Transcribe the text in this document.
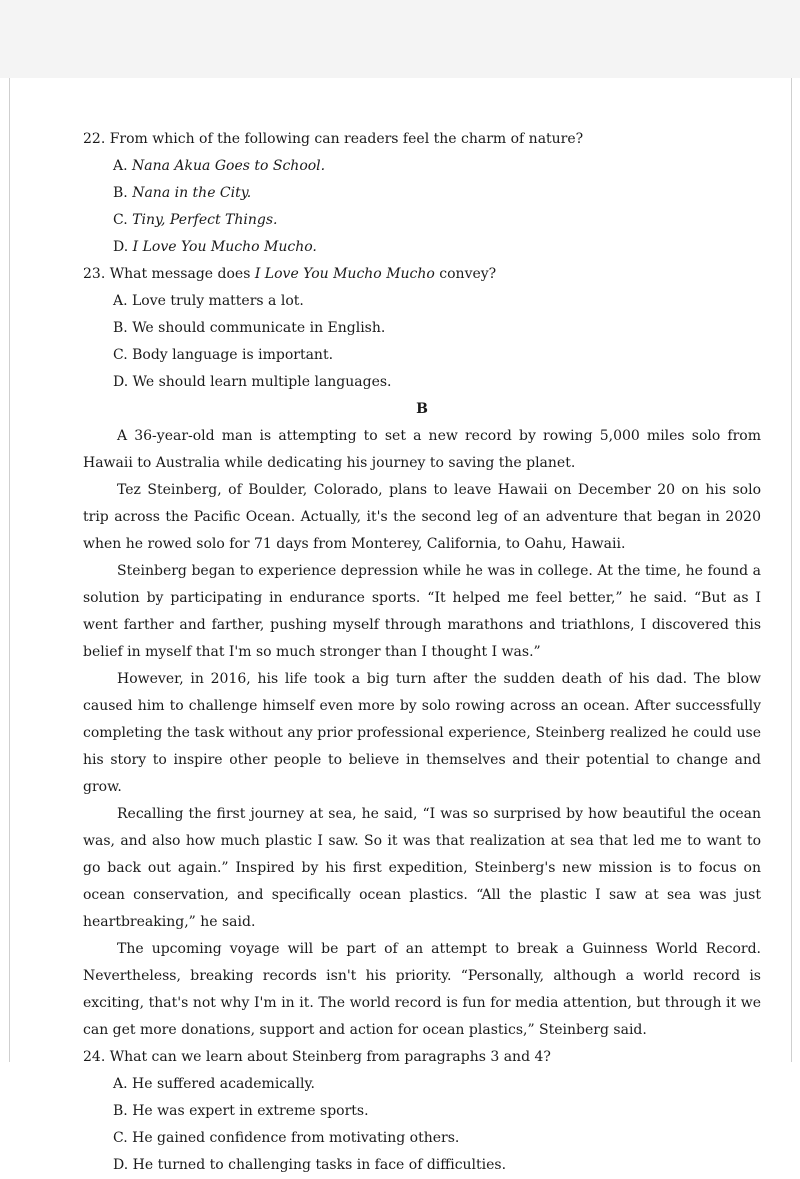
22. From which of the following can readers feel the charm of nature?

A. Nana Akua Goes to School.

B. Nana in the City.

C. Tiny, Perfect Things.

D. I Love You Mucho Mucho.

23. What message does I Love You Mucho Mucho convey?

A. Love truly matters a lot.

B. We should communicate in English.

C. Body language is important.

D. We should learn multiple languages.

B

A 36-year-old man is attempting to set a new record by rowing 5,000 miles solo from Hawaii to Australia while dedicating his journey to saving the planet.

Tez Steinberg, of Boulder, Colorado, plans to leave Hawaii on December 20 on his solo trip across the Pacific Ocean. Actually, it's the second leg of an adventure that began in 2020 when he rowed solo for 71 days from Monterey, California, to Oahu, Hawaii.

Steinberg began to experience depression while he was in college. At the time, he found a solution by participating in endurance sports. “It helped me feel better,” he said. “But as I went farther and farther, pushing myself through marathons and triathlons, I discovered this belief in myself that I'm so much stronger than I thought I was.”

However, in 2016, his life took a big turn after the sudden death of his dad. The blow caused him to challenge himself even more by solo rowing across an ocean. After successfully completing the task without any prior professional experience, Steinberg realized he could use his story to inspire other people to believe in themselves and their potential to change and grow.

Recalling the first journey at sea, he said, “I was so surprised by how beautiful the ocean was, and also how much plastic I saw. So it was that realization at sea that led me to want to go back out again.” Inspired by his first expedition, Steinberg's new mission is to focus on ocean conservation, and specifically ocean plastics. “All the plastic I saw at sea was just heartbreaking,” he said.

The upcoming voyage will be part of an attempt to break a Guinness World Record. Nevertheless, breaking records isn't his priority. “Personally, although a world record is exciting, that's not why I'm in it. The world record is fun for media attention, but through it we can get more donations, support and action for ocean plastics,” Steinberg said.

24. What can we learn about Steinberg from paragraphs 3 and 4?

A. He suffered academically.

B. He was expert in extreme sports.

C. He gained confidence from motivating others.

D. He turned to challenging tasks in face of difficulties.
